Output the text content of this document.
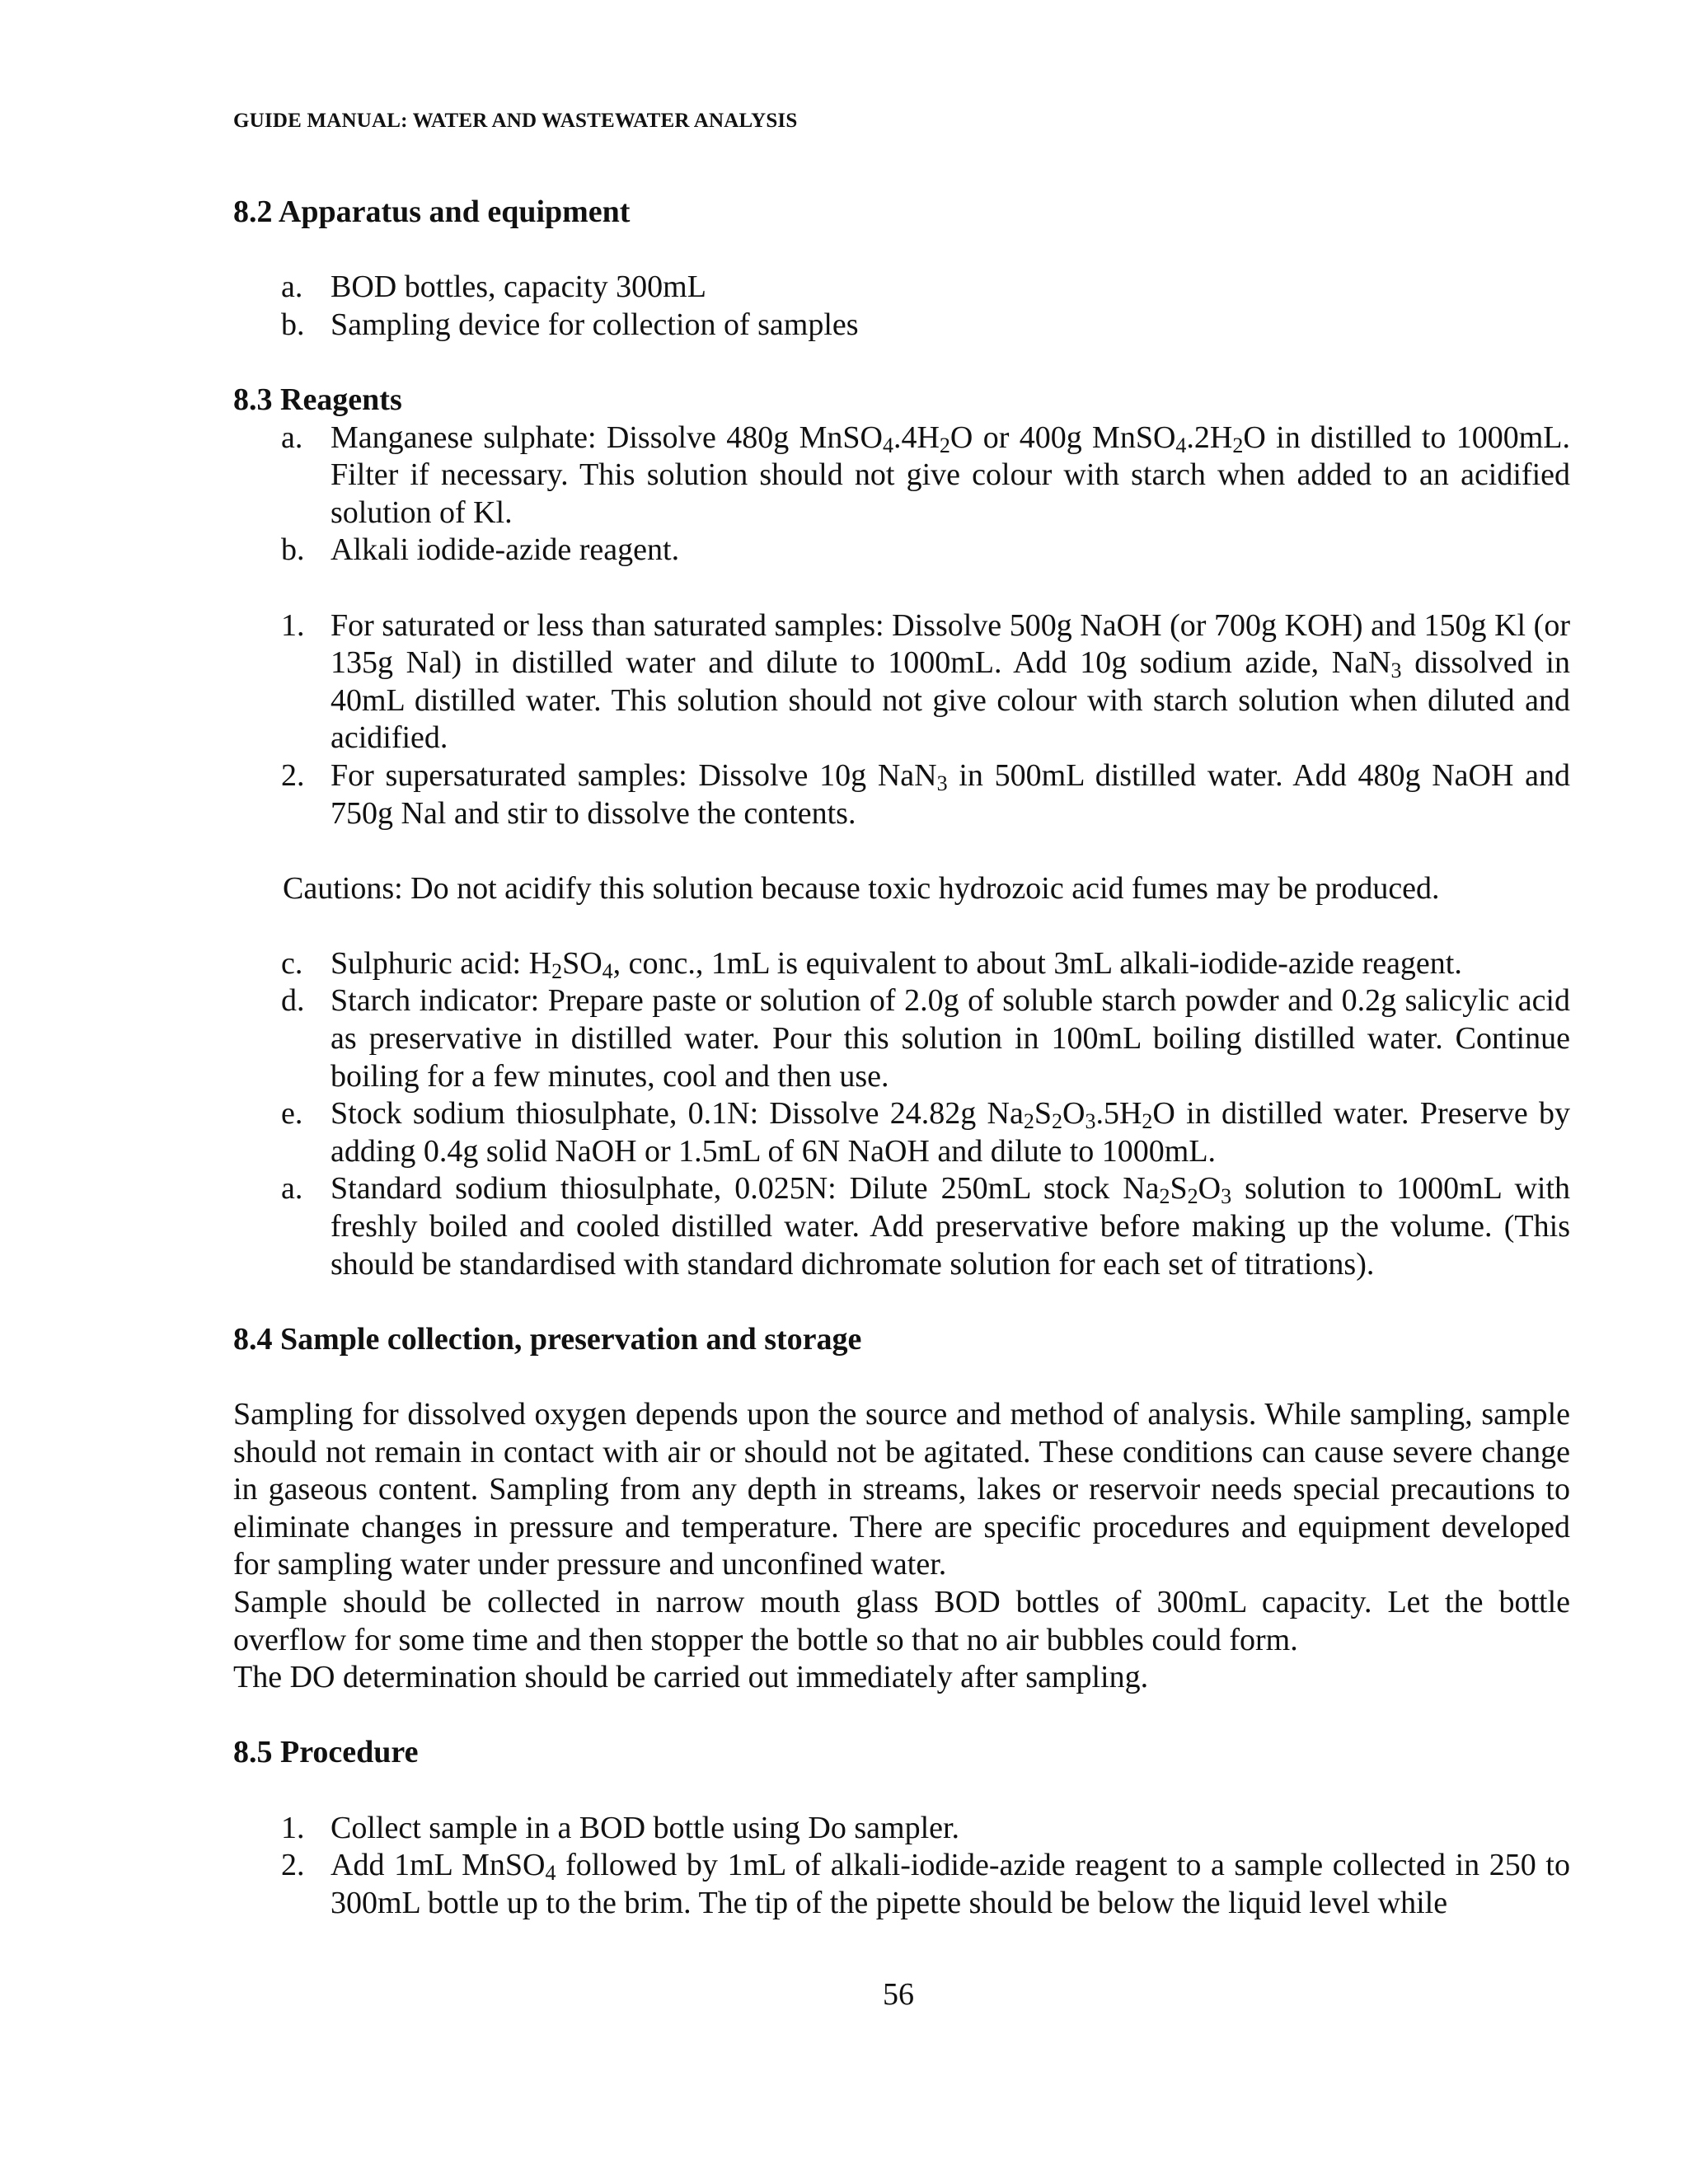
GUIDE MANUAL: WATER AND WASTEWATER ANALYSIS
8.2 Apparatus and equipment
a. BOD bottles, capacity 300mL
b. Sampling device for collection of samples
8.3 Reagents
a. Manganese sulphate: Dissolve 480g $MnSO_4.4H_2O$ or 400g $MnSO_4.2H_2O$ in distilled to 1000mL. Filter if necessary. This solution should not give colour with starch when added to an acidified solution of Kl.
b. Alkali iodide-azide reagent.
1. For saturated or less than saturated samples: Dissolve 500g NaOH (or 700g KOH) and 150g Kl (or 135g Nal) in distilled water and dilute to 1000mL. Add 10g sodium azide, NaN$_3$ dissolved in 40mL distilled water. This solution should not give colour with starch solution when diluted and acidified.
2. For supersaturated samples: Dissolve 10g NaN$_3$ in 500mL distilled water. Add 480g NaOH and 750g Nal and stir to dissolve the contents.
Cautions: Do not acidify this solution because toxic hydrozoic acid fumes may be produced.
c. Sulphuric acid: $H_2SO_4$, conc., 1mL is equivalent to about 3mL alkali-iodide-azide reagent.
d. Starch indicator: Prepare paste or solution of 2.0g of soluble starch powder and 0.2g salicylic acid as preservative in distilled water. Pour this solution in 100mL boiling distilled water. Continue boiling for a few minutes, cool and then use.
e. Stock sodium thiosulphate, 0.1N: Dissolve 24.82g $Na_2S_2O_3.5H_2O$ in distilled water. Preserve by adding 0.4g solid NaOH or 1.5mL of 6N NaOH and dilute to 1000mL.
a. Standard sodium thiosulphate, 0.025N: Dilute 250mL stock $Na_2S_2O_3$ solution to 1000mL with freshly boiled and cooled distilled water. Add preservative before making up the volume. (This should be standardised with standard dichromate solution for each set of titrations).
8.4 Sample collection, preservation and storage
Sampling for dissolved oxygen depends upon the source and method of analysis. While sampling, sample should not remain in contact with air or should not be agitated. These conditions can cause severe change in gaseous content. Sampling from any depth in streams, lakes or reservoir needs special precautions to eliminate changes in pressure and temperature. There are specific procedures and equipment developed for sampling water under pressure and unconfined water.
Sample should be collected in narrow mouth glass BOD bottles of 300mL capacity. Let the bottle overflow for some time and then stopper the bottle so that no air bubbles could form.
The DO determination should be carried out immediately after sampling.
8.5 Procedure
1. Collect sample in a BOD bottle using Do sampler.
2. Add 1mL MnSO$_4$ followed by 1mL of alkali-iodide-azide reagent to a sample collected in 250 to 300mL bottle up to the brim. The tip of the pipette should be below the liquid level while
56
